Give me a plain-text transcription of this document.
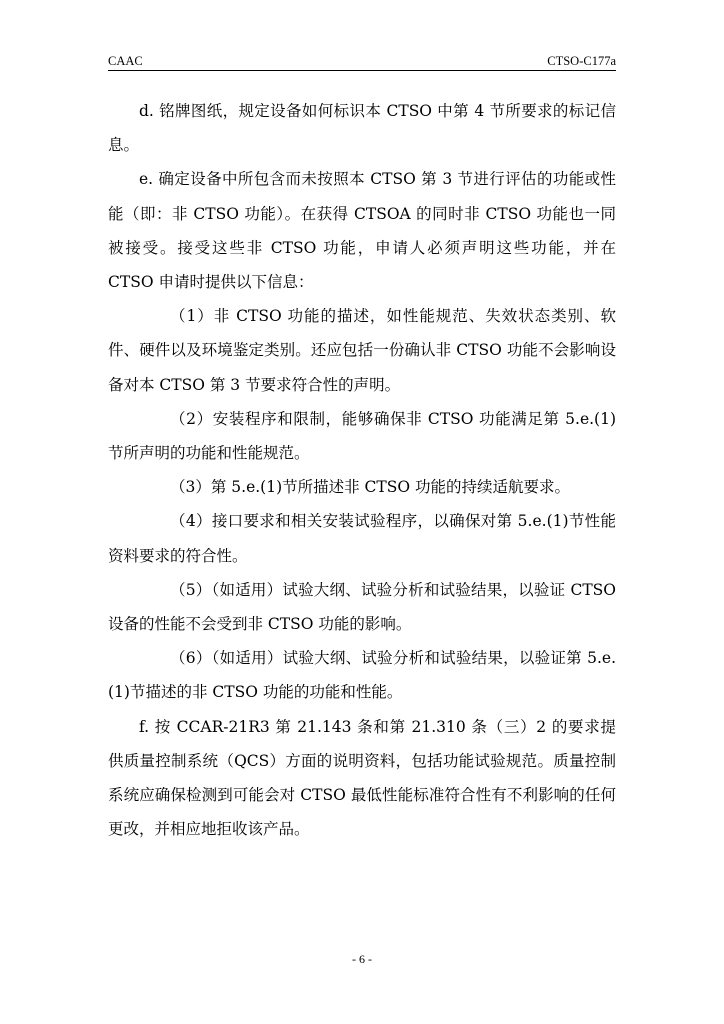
CAAC	CTSO-C177a

d. 铭牌图纸，规定设备如何标识本 CTSO 中第 4 节所要求的标记信息。

e. 确定设备中所包含而未按照本 CTSO 第 3 节进行评估的功能或性能（即：非 CTSO 功能）。在获得 CTSOA 的同时非 CTSO 功能也一同被接受。接受这些非 CTSO 功能，申请人必须声明这些功能，并在 CTSO 申请时提供以下信息：

（1）非 CTSO 功能的描述，如性能规范、失效状态类别、软件、硬件以及环境鉴定类别。还应包括一份确认非 CTSO 功能不会影响设备对本 CTSO 第 3 节要求符合性的声明。

（2）安装程序和限制，能够确保非 CTSO 功能满足第 5.e.(1)节所声明的功能和性能规范。

（3）第 5.e.(1)节所描述非 CTSO 功能的持续适航要求。

（4）接口要求和相关安装试验程序，以确保对第 5.e.(1)节性能资料要求的符合性。

（5）（如适用）试验大纲、试验分析和试验结果，以验证 CTSO 设备的性能不会受到非 CTSO 功能的影响。

（6）（如适用）试验大纲、试验分析和试验结果，以验证第 5.e.(1)节描述的非 CTSO 功能的功能和性能。

f. 按 CCAR-21R3 第 21.143 条和第 21.310 条（三）2 的要求提供质量控制系统（QCS）方面的说明资料，包括功能试验规范。质量控制系统应确保检测到可能会对 CTSO 最低性能标准符合性有不利影响的任何更改，并相应地拒收该产品。

- 6 -
